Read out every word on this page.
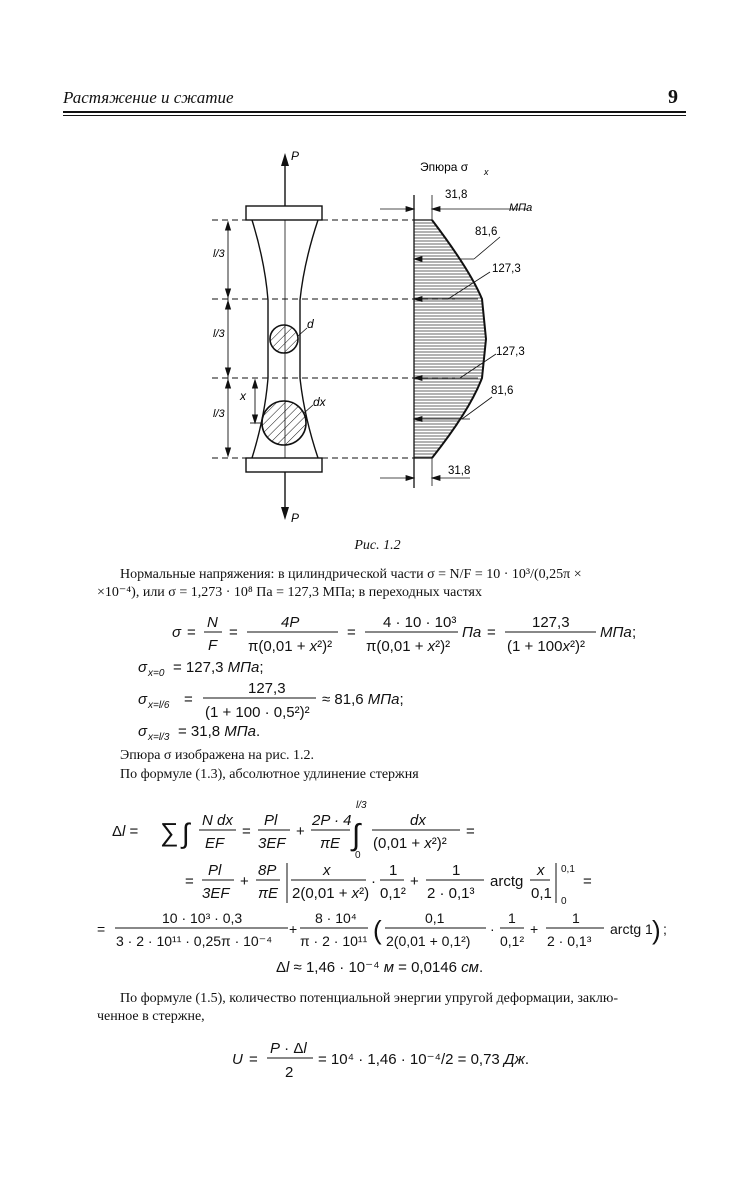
Растяжение и сжатие	9
P
P
d
dx
l/3
l/3
l/3
x
Эпюра σ x
МПа
31,8
81,6
127,3
127,3
81,6
31,8
Рис. 1.2
Нормальные напряжения: в цилиндрической части σ = N/F = 10 · 10³/(0,25π ×
×10⁻⁴), или σ = 1,273 · 10⁸ Па = 127,3 МПа; в переходных частях
σ =
N
F
=
4P
π(0,01 + x²)²
=
4 · 10 · 10³
π(0,01 + x²)²
Па =
127,3
(1 + 100x²)²
МПа ;
σ x=0 = 127,3 МПа;
σ x=l/6 =
127,3
(1 + 100 · 0,5²)²
≈ 81,6 МПа;
σ x=l/3 = 31,8 МПа.
Δl = ∑ ∫ N dx
EF
=
Pl
3EF
+
2P · 4
πE ∫
l/3
0
dx
(0,01 + x²)²
=
=
Pl
3EF
+
8P
πE
x
2(0,01 + x²)
·
1
0,1²
+
1
2 · 0,1³
arctg
x
0,1
0,1
0
=
=
10 · 10³ · 0,3
3 · 2 · 10¹¹ · 0,25π · 10⁻⁴
+
8 · 10⁴
π · 2 · 10¹¹ (	0,1
2(0,01 + 0,1²)
·
1
0,1²
+
1
2 · 0,1³
arctg 1 ) ;
Δl ≈ 1,46 · 10⁻⁴ м = 0,0146 см.
Эпюра σ изображена на рис. 1.2.
По формуле (1.3), абсолютное удлинение стержня
По формуле (1.5), количество потенциальной энергии упругой деформации, заклю-
ченное в стержне,
U =
P · Δl
2
= 10⁴ · 1,46 · 10⁻⁴/2 = 0,73 Дж.
